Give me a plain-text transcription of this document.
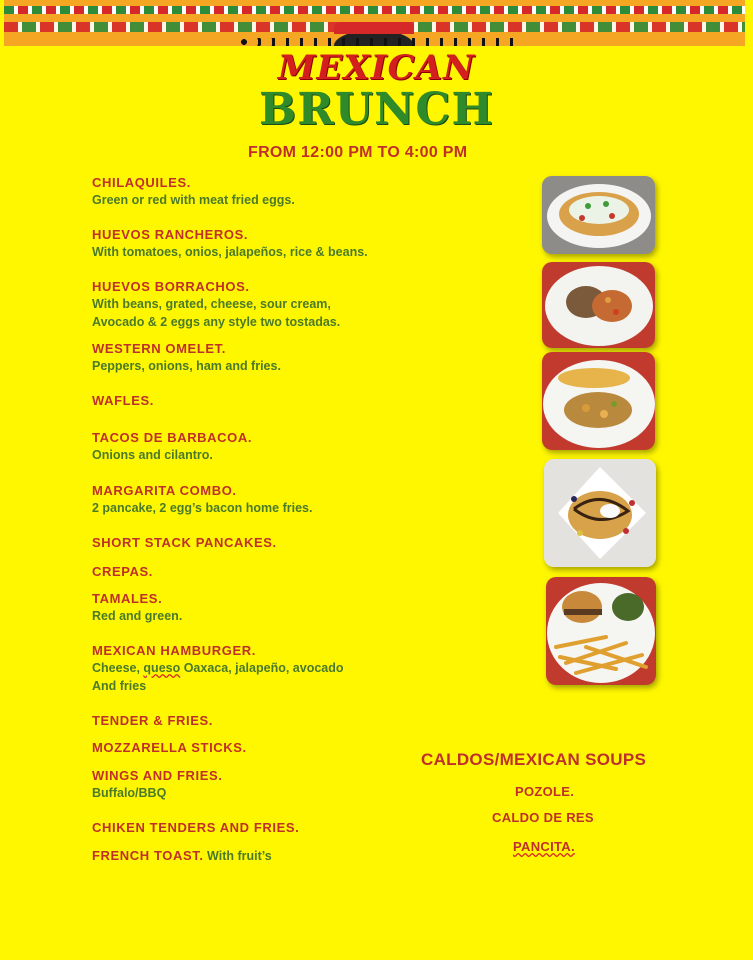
MEXICAN
BRUNCH
FROM 12:00 PM TO 4:00 PM
CHILAQUILES.
Green or red with meat fried eggs.
HUEVOS RANCHEROS.
With tomatoes, onios, jalapeños, rice & beans.
HUEVOS BORRACHOS.
With beans, grated, cheese, sour cream,
Avocado & 2 eggs any style two tostadas.
WESTERN OMELET.
Peppers, onions, ham and fries.
WAFLES.
TACOS DE BARBACOA.
Onions and cilantro.
MARGARITA COMBO.
2 pancake, 2 egg’s bacon home fries.
SHORT STACK PANCAKES.
CREPAS.
TAMALES.
Red and green.
MEXICAN HAMBURGER.
Cheese, queso Oaxaca, jalapeño, avocado
And fries
TENDER & FRIES.
MOZZARELLA STICKS.
WINGS AND FRIES.
Buffalo/BBQ
CHIKEN TENDERS AND FRIES.
FRENCH TOAST. With fruit’s
CALDOS/MEXICAN SOUPS
POZOLE.
CALDO DE RES
PANCITA.
